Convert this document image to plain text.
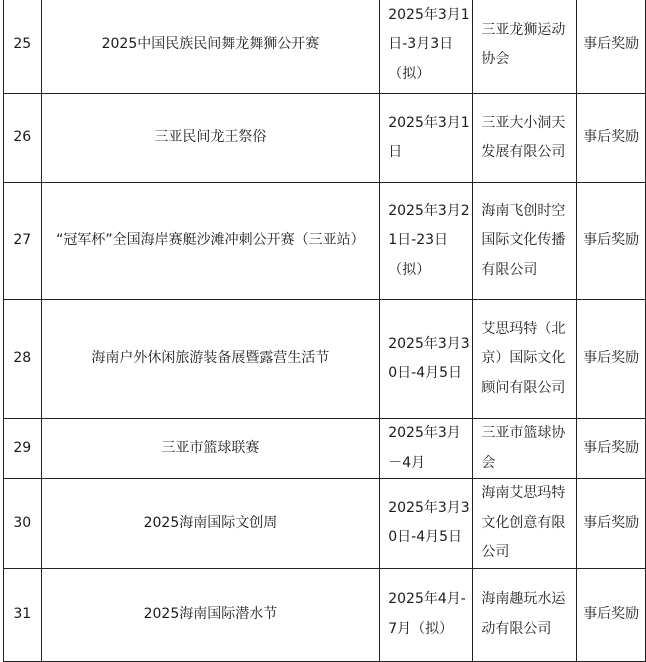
25	2025中国民族民间舞龙舞狮公开赛	2025年3月1日-3月3日（拟）	三亚龙狮运动协会	事后奖励

26	三亚民间龙王祭俗	2025年3月1日	三亚大小洞天发展有限公司	事后奖励

27	“冠军杯”全国海岸赛艇沙滩冲刺公开赛（三亚站）	2025年3月21日-23日（拟）	海南飞创时空国际文化传播有限公司	事后奖励

28	海南户外休闲旅游装备展暨露营生活节	2025年3月30日-4月5日	艾思玛特（北京）国际文化顾问有限公司	事后奖励

29	三亚市篮球联赛	2025年3月－4月	三亚市篮球协会	事后奖励

30	2025海南国际文创周	2025年3月30日-4月5日	海南艾思玛特文化创意有限公司	事后奖励

31	2025海南国际潜水节	2025年4月-7月（拟）	海南趣玩水运动有限公司	事后奖励
